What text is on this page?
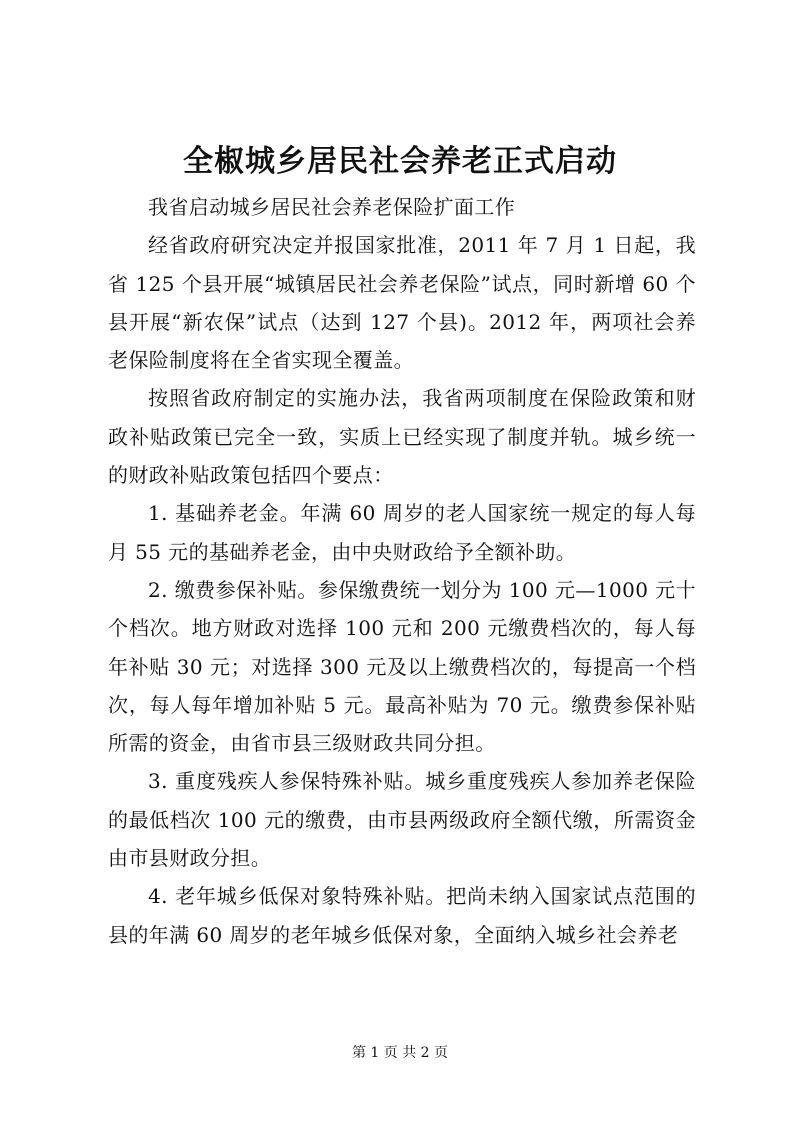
全椒城乡居民社会养老正式启动

我省启动城乡居民社会养老保险扩面工作

经省政府研究决定并报国家批准，2011 年 7 月 1 日起，我省 125 个县开展“城镇居民社会养老保险”试点，同时新增 60 个县开展“新农保”试点（达到 127 个县)。2012 年，两项社会养老保险制度将在全省实现全覆盖。

按照省政府制定的实施办法，我省两项制度在保险政策和财政补贴政策已完全一致，实质上已经实现了制度并轨。城乡统一的财政补贴政策包括四个要点：

1. 基础养老金。年满 60 周岁的老人国家统一规定的每人每月 55 元的基础养老金，由中央财政给予全额补助。

2. 缴费参保补贴。参保缴费统一划分为 100 元—1000 元十个档次。地方财政对选择 100 元和 200 元缴费档次的，每人每年补贴 30 元；对选择 300 元及以上缴费档次的，每提高一个档次，每人每年增加补贴 5 元。最高补贴为 70 元。缴费参保补贴所需的资金，由省市县三级财政共同分担。

3. 重度残疾人参保特殊补贴。城乡重度残疾人参加养老保险的最低档次 100 元的缴费，由市县两级政府全额代缴，所需资金由市县财政分担。

4. 老年城乡低保对象特殊补贴。把尚未纳入国家试点范围的县的年满 60 周岁的老年城乡低保对象，全面纳入城乡社会养老

第 1 页 共 2 页
